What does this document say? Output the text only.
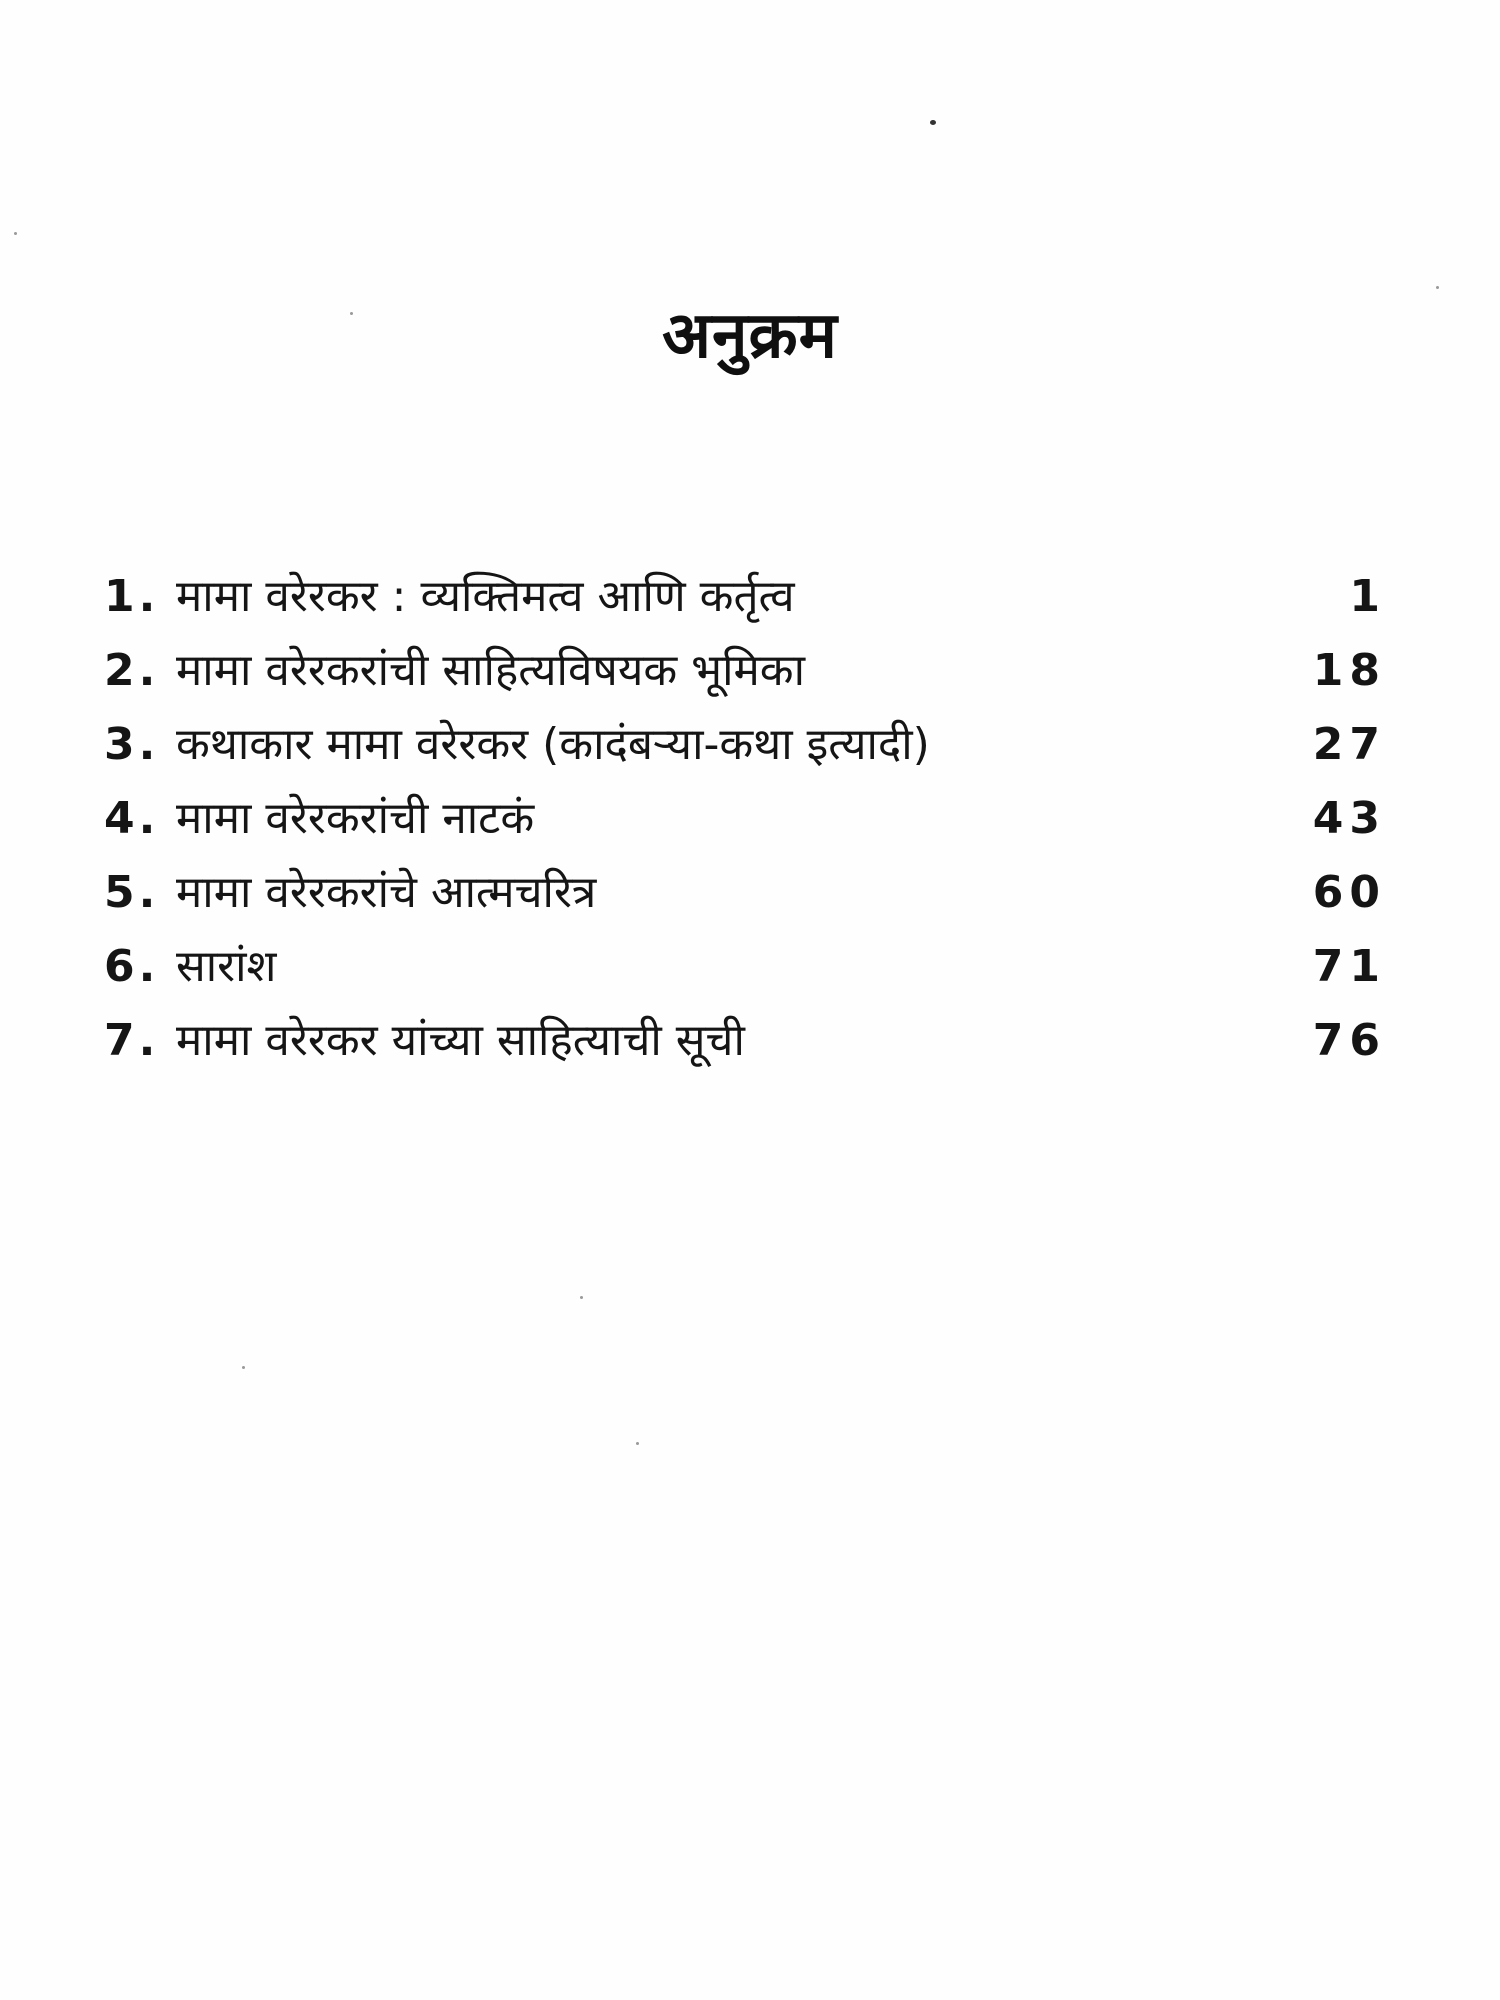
अनुक्रम
1. मामा वरेरकर : व्यक्तिमत्व आणि कर्तृत्व	1
2. मामा वरेरकरांची साहित्यविषयक भूमिका	18
3. कथाकार मामा वरेरकर (कादंबऱ्या-कथा इत्यादी)	27
4. मामा वरेरकरांची नाटकं	43
5. मामा वरेरकरांचे आत्मचरित्र	60
6. सारांश	71
7. मामा वरेरकर यांच्या साहित्याची सूची	76
